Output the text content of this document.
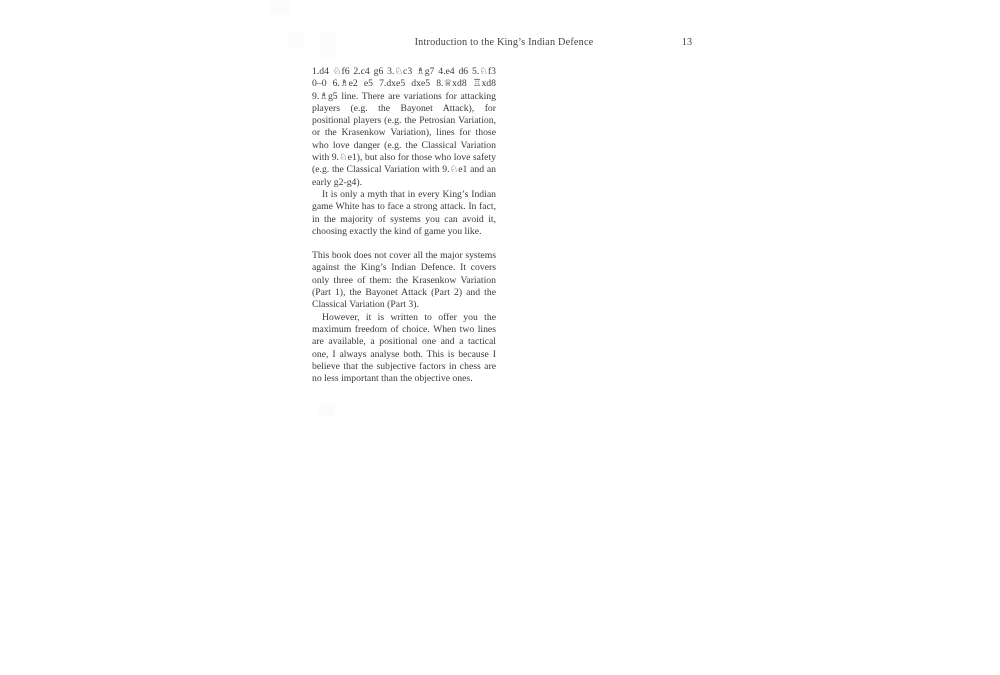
Introduction to the King’s Indian Defence	13

1.d4 ♘f6 2.c4 g6 3.♘c3 ♗g7 4.e4 d6 5.♘f3 0–0 6.♗e2 e5 7.dxe5 dxe5 8.♕xd8 ♖xd8 9.♗g5 line. There are variations for attacking players (e.g. the Bayonet Attack), for positional players (e.g. the Petrosian Variation, or the Krasenkow Variation), lines for those who love danger (e.g. the Classical Variation with 9.♘e1), but also for those who love safety (e.g. the Classical Variation with 9.♘e1 and an early g2-g4).

It is only a myth that in every King’s Indian game White has to face a strong attack. In fact, in the majority of systems you can avoid it, choosing exactly the kind of game you like.

This book does not cover all the major systems against the King’s Indian Defence. It covers only three of them: the Krasenkow Variation (Part 1), the Bayonet Attack (Part 2) and the Classical Variation (Part 3).

However, it is written to offer you the maximum freedom of choice. When two lines are available, a positional one and a tactical one, I always analyse both. This is because I believe that the subjective factors in chess are no less important than the objective ones.
